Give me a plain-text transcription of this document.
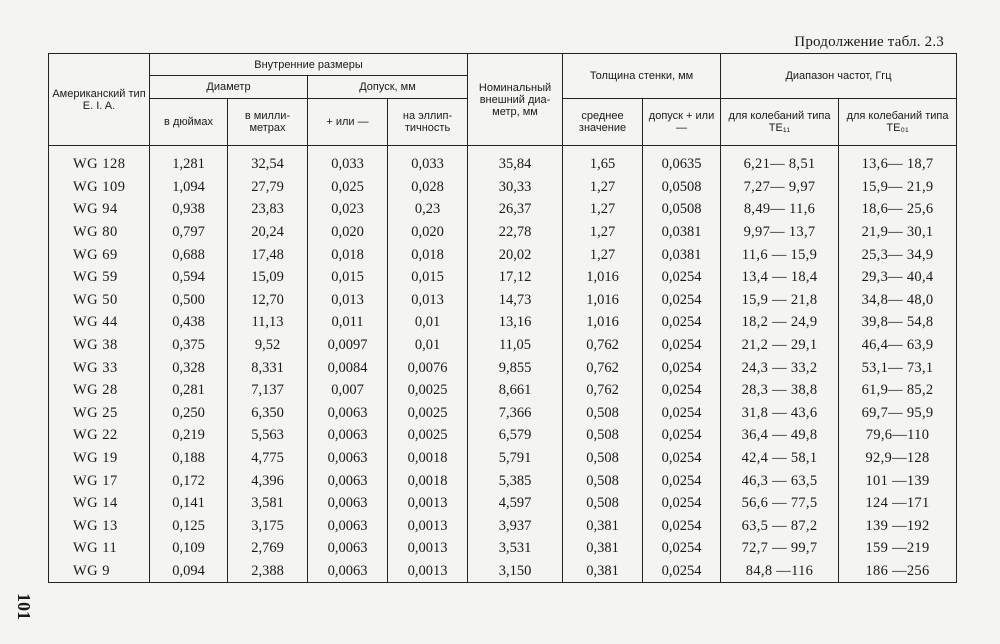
Продолжение табл. 2.3
101
Американский тип E. I. A.	Внутренние размеры				Номинальный внешний диа-метр, мм	Толщина стенки, мм		Диапазон частот, Ггц	
	Диаметр		Допуск, мм						
	в дюймах	в милли-метрах	+ или —	на эллип-тичность		среднее значение	допуск + или —	для колебаний типа TE₁₁	для колебаний типа TE₀₁

WG 128	1,281	32,54	0,033	0,033	35,84	1,65	0,0635	6,21— 8,51	13,6— 18,7
WG 109	1,094	27,79	0,025	0,028	30,33	1,27	0,0508	7,27— 9,97	15,9— 21,9
WG 94	0,938	23,83	0,023	0,23	26,37	1,27	0,0508	8,49— 11,6	18,6— 25,6
WG 80	0,797	20,24	0,020	0,020	22,78	1,27	0,0381	9,97— 13,7	21,9— 30,1
WG 69	0,688	17,48	0,018	0,018	20,02	1,27	0,0381	11,6 — 15,9	25,3— 34,9
WG 59	0,594	15,09	0,015	0,015	17,12	1,016	0,0254	13,4 — 18,4	29,3— 40,4
WG 50	0,500	12,70	0,013	0,013	14,73	1,016	0,0254	15,9 — 21,8	34,8— 48,0
WG 44	0,438	11,13	0,011	0,01	13,16	1,016	0,0254	18,2 — 24,9	39,8— 54,8
WG 38	0,375	9,52	0,0097	0,01	11,05	0,762	0,0254	21,2 — 29,1	46,4— 63,9
WG 33	0,328	8,331	0,0084	0,0076	9,855	0,762	0,0254	24,3 — 33,2	53,1— 73,1
WG 28	0,281	7,137	0,007	0,0025	8,661	0,762	0,0254	28,3 — 38,8	61,9— 85,2
WG 25	0,250	6,350	0,0063	0,0025	7,366	0,508	0,0254	31,8 — 43,6	69,7— 95,9
WG 22	0,219	5,563	0,0063	0,0025	6,579	0,508	0,0254	36,4 — 49,8	79,6—110
WG 19	0,188	4,775	0,0063	0,0018	5,791	0,508	0,0254	42,4 — 58,1	92,9—128
WG 17	0,172	4,396	0,0063	0,0018	5,385	0,508	0,0254	46,3 — 63,5	101 —139
WG 14	0,141	3,581	0,0063	0,0013	4,597	0,508	0,0254	56,6 — 77,5	124 —171
WG 13	0,125	3,175	0,0063	0,0013	3,937	0,381	0,0254	63,5 — 87,2	139 —192
WG 11	0,109	2,769	0,0063	0,0013	3,531	0,381	0,0254	72,7 — 99,7	159 —219
WG 9	0,094	2,388	0,0063	0,0013	3,150	0,381	0,0254	84,8 —116	186 —256
